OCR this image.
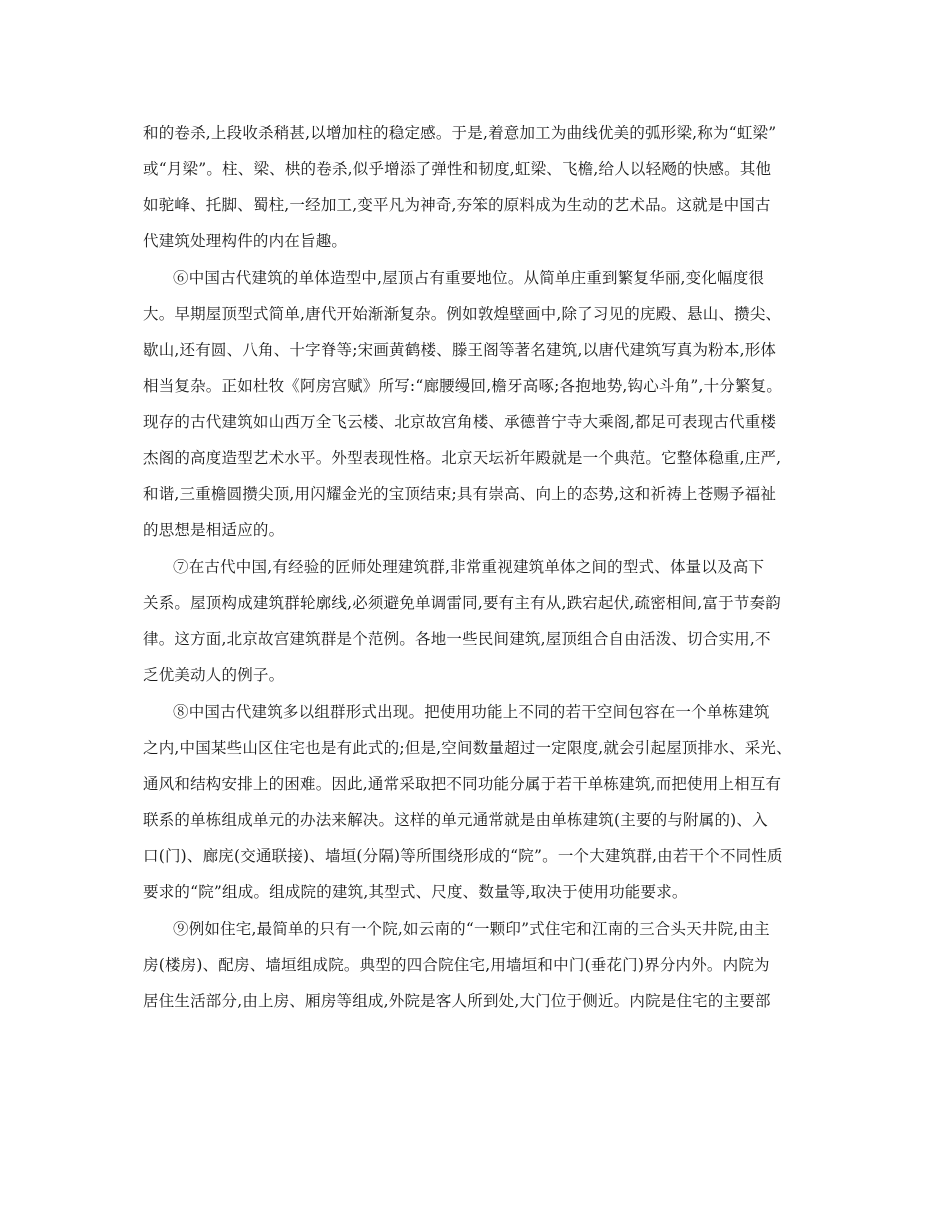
和的卷杀,上段收杀稍甚,以增加柱的稳定感。于是,着意加工为曲线优美的弧形梁,称为“虹梁”
或“月梁”。柱、梁、栱的卷杀,似乎增添了弹性和韧度,虹梁、飞檐,给人以轻飏的快感。其他
如驼峰、托脚、蜀柱,一经加工,变平凡为神奇,夯笨的原料成为生动的艺术品。这就是中国古
代建筑处理构件的内在旨趣。
⑥中国古代建筑的单体造型中,屋顶占有重要地位。从简单庄重到繁复华丽,变化幅度很
大。早期屋顶型式简单,唐代开始渐渐复杂。例如敦煌壁画中,除了习见的庑殿、悬山、攒尖、
歇山,还有圆、八角、十字脊等;宋画黄鹤楼、滕王阁等著名建筑,以唐代建筑写真为粉本,形体
相当复杂。正如杜牧《阿房宫赋》所写:“廊腰缦回,檐牙高啄;各抱地势,钩心斗角”,十分繁复。
现存的古代建筑如山西万全飞云楼、北京故宫角楼、承德普宁寺大乘阁,都足可表现古代重楼
杰阁的高度造型艺术水平。外型表现性格。北京天坛祈年殿就是一个典范。它整体稳重,庄严,
和谐,三重檐圆攒尖顶,用闪耀金光的宝顶结束;具有崇高、向上的态势,这和祈祷上苍赐予福祉
的思想是相适应的。
⑦在古代中国,有经验的匠师处理建筑群,非常重视建筑单体之间的型式、体量以及高下
关系。屋顶构成建筑群轮廓线,必须避免单调雷同,要有主有从,跌宕起伏,疏密相间,富于节奏韵
律。这方面,北京故宫建筑群是个范例。各地一些民间建筑,屋顶组合自由活泼、切合实用,不
乏优美动人的例子。
⑧中国古代建筑多以组群形式出现。把使用功能上不同的若干空间包容在一个单栋建筑
之内,中国某些山区住宅也是有此式的;但是,空间数量超过一定限度,就会引起屋顶排水、采光、
通风和结构安排上的困难。因此,通常采取把不同功能分属于若干单栋建筑,而把使用上相互有
联系的单栋组成单元的办法来解决。这样的单元通常就是由单栋建筑(主要的与附属的)、入
口(门)、廊庑(交通联接)、墙垣(分隔)等所围绕形成的“院”。一个大建筑群,由若干个不同性质
要求的“院”组成。组成院的建筑,其型式、尺度、数量等,取决于使用功能要求。
⑨例如住宅,最简单的只有一个院,如云南的“一颗印”式住宅和江南的三合头天井院,由主
房(楼房)、配房、墙垣组成院。典型的四合院住宅,用墙垣和中门(垂花门)界分内外。内院为
居住生活部分,由上房、厢房等组成,外院是客人所到处,大门位于侧近。内院是住宅的主要部
